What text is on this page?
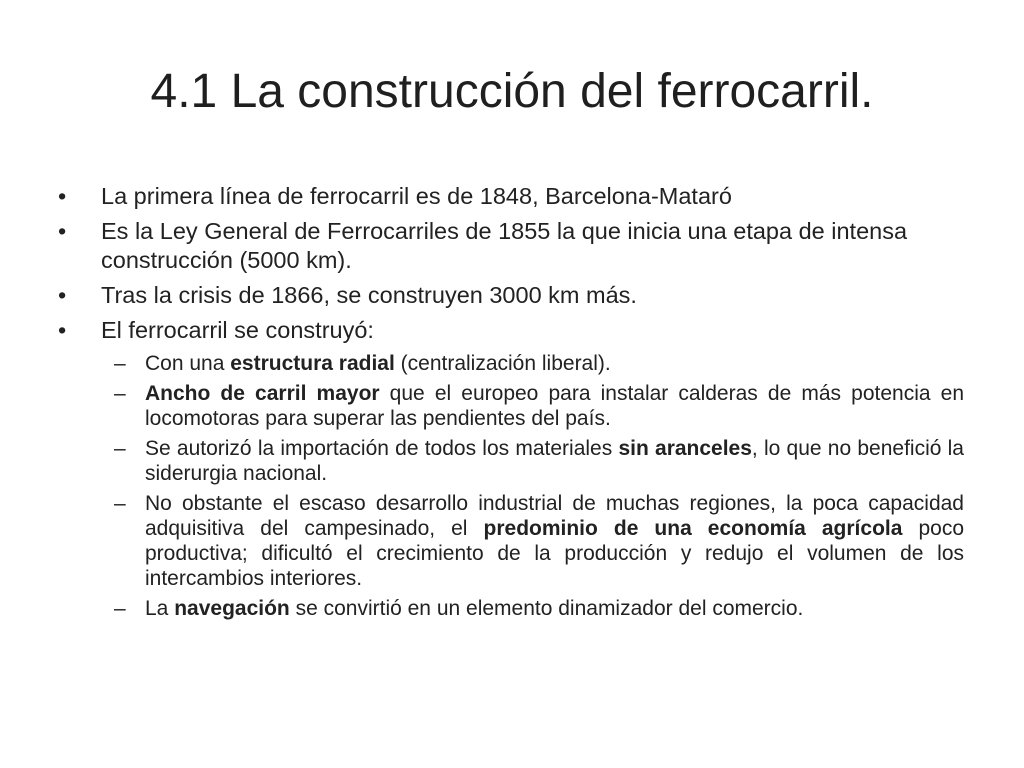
4.1 La construcción del ferrocarril.
•	La primera línea de ferrocarril es de 1848, Barcelona-Mataró
•	Es la Ley General de Ferrocarriles de 1855 la que inicia una etapa de intensa construcción (5000 km).
•	Tras la crisis de 1866, se construyen 3000 km más.
•	El ferrocarril se construyó:
– Con una estructura radial (centralización liberal).
– Ancho de carril mayor que el europeo para instalar calderas de más potencia en locomotoras para superar las pendientes del país.
– Se autorizó la importación de todos los materiales sin aranceles, lo que no benefició la siderurgia nacional.
– No obstante el escaso desarrollo industrial de muchas regiones, la poca capacidad adquisitiva del campesinado, el predominio de una economía agrícola poco productiva; dificultó el crecimiento de la producción y redujo el volumen de los intercambios interiores.
– La navegación se convirtió en un elemento dinamizador del comercio.
